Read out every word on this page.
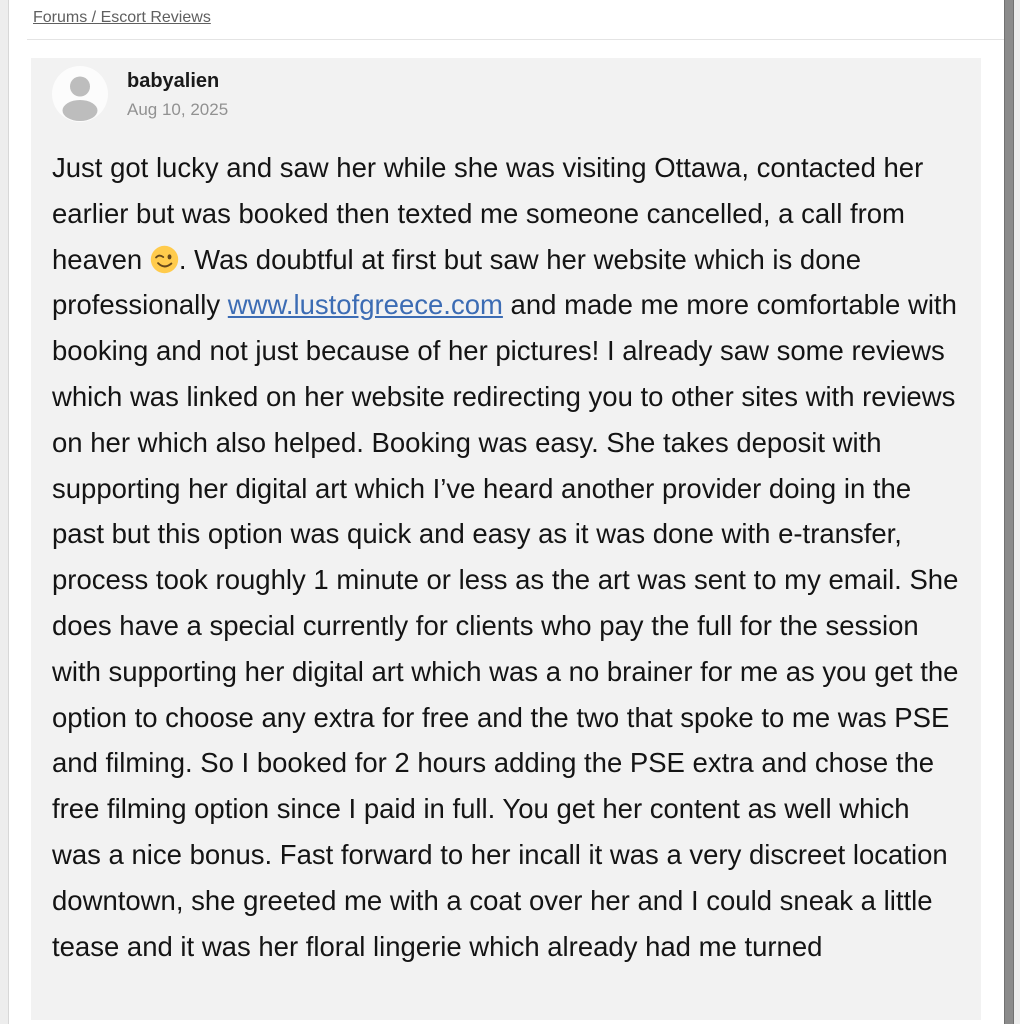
Forums / Escort Reviews
babyalien
Aug 10, 2025
Just got lucky and saw her while she was visiting Ottawa, contacted her earlier but was booked then texted me someone cancelled, a call from heaven . Was doubtful at first but saw her website which is done professionally www.lustofgreece.com and made me more comfortable with booking and not just because of her pictures! I already saw some reviews which was linked on her website redirecting you to other sites with reviews on her which also helped. Booking was easy. She takes deposit with supporting her digital art which I’ve heard another provider doing in the past but this option was quick and easy as it was done with e-transfer, process took roughly 1 minute or less as the art was sent to my email. She does have a special currently for clients who pay the full for the session with supporting her digital art which was a no brainer for me as you get the option to choose any extra for free and the two that spoke to me was PSE and filming. So I booked for 2 hours adding the PSE extra and chose the free filming option since I paid in full. You get her content as well which was a nice bonus. Fast forward to her incall it was a very discreet location downtown, she greeted me with a coat over her and I could sneak a little tease and it was her floral lingerie which already had me turned
